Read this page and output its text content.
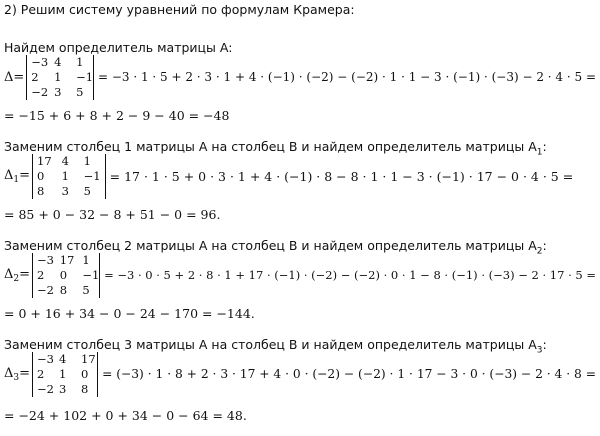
2) Решим систему уравнений по формулам Крамера:
Найдем определитель матрицы A:
Δ=
−3 4	1
2	1	−1
−2 3	5
= −3 · 1 · 5 + 2 · 3 · 1 + 4 · (−1) · (−2) − (−2) · 1 · 1 − 3 · (−1) · (−3) − 2 · 4 · 5 =
= −15 + 6 + 8 + 2 − 9 − 40 = −48
Заменим столбец 1 матрицы A на столбец B и найдем определитель матрицы $A_1$:
$\Delta_1=$
17 4	1
0	1	−1
8	3	5
= 17 · 1 · 5 + 0 · 3 · 1 + 4 · (−1) · 8 − 8 · 1 · 1 − 3 · (−1) · 17 − 0 · 4 · 5 =
= 85 + 0 − 32 − 8 + 51 − 0 = 96.
Заменим столбец 2 матрицы A на столбец B и найдем определитель матрицы $A_2$:
$\Delta_2=$
−3 17 1
2	0	−1
−2 8	5
= −3 · 0 · 5 + 2 · 8 · 1 + 17 · (−1) · (−2) − (−2) · 0 · 1 − 8 · (−1) · (−3) − 2 · 17 · 5 =
= 0 + 16 + 34 − 0 − 24 − 170 = −144.
Заменим столбец 3 матрицы A на столбец B и найдем определитель матрицы $A_3$:
$\Delta_3=$
−3 4	17
2	1	0
−2 3	8
= (−3) · 1 · 8 + 2 · 3 · 17 + 4 · 0 · (−2) − (−2) · 1 · 17 − 3 · 0 · (−3) − 2 · 4 · 8 =
= −24 + 102 + 0 + 34 − 0 − 64 = 48.
